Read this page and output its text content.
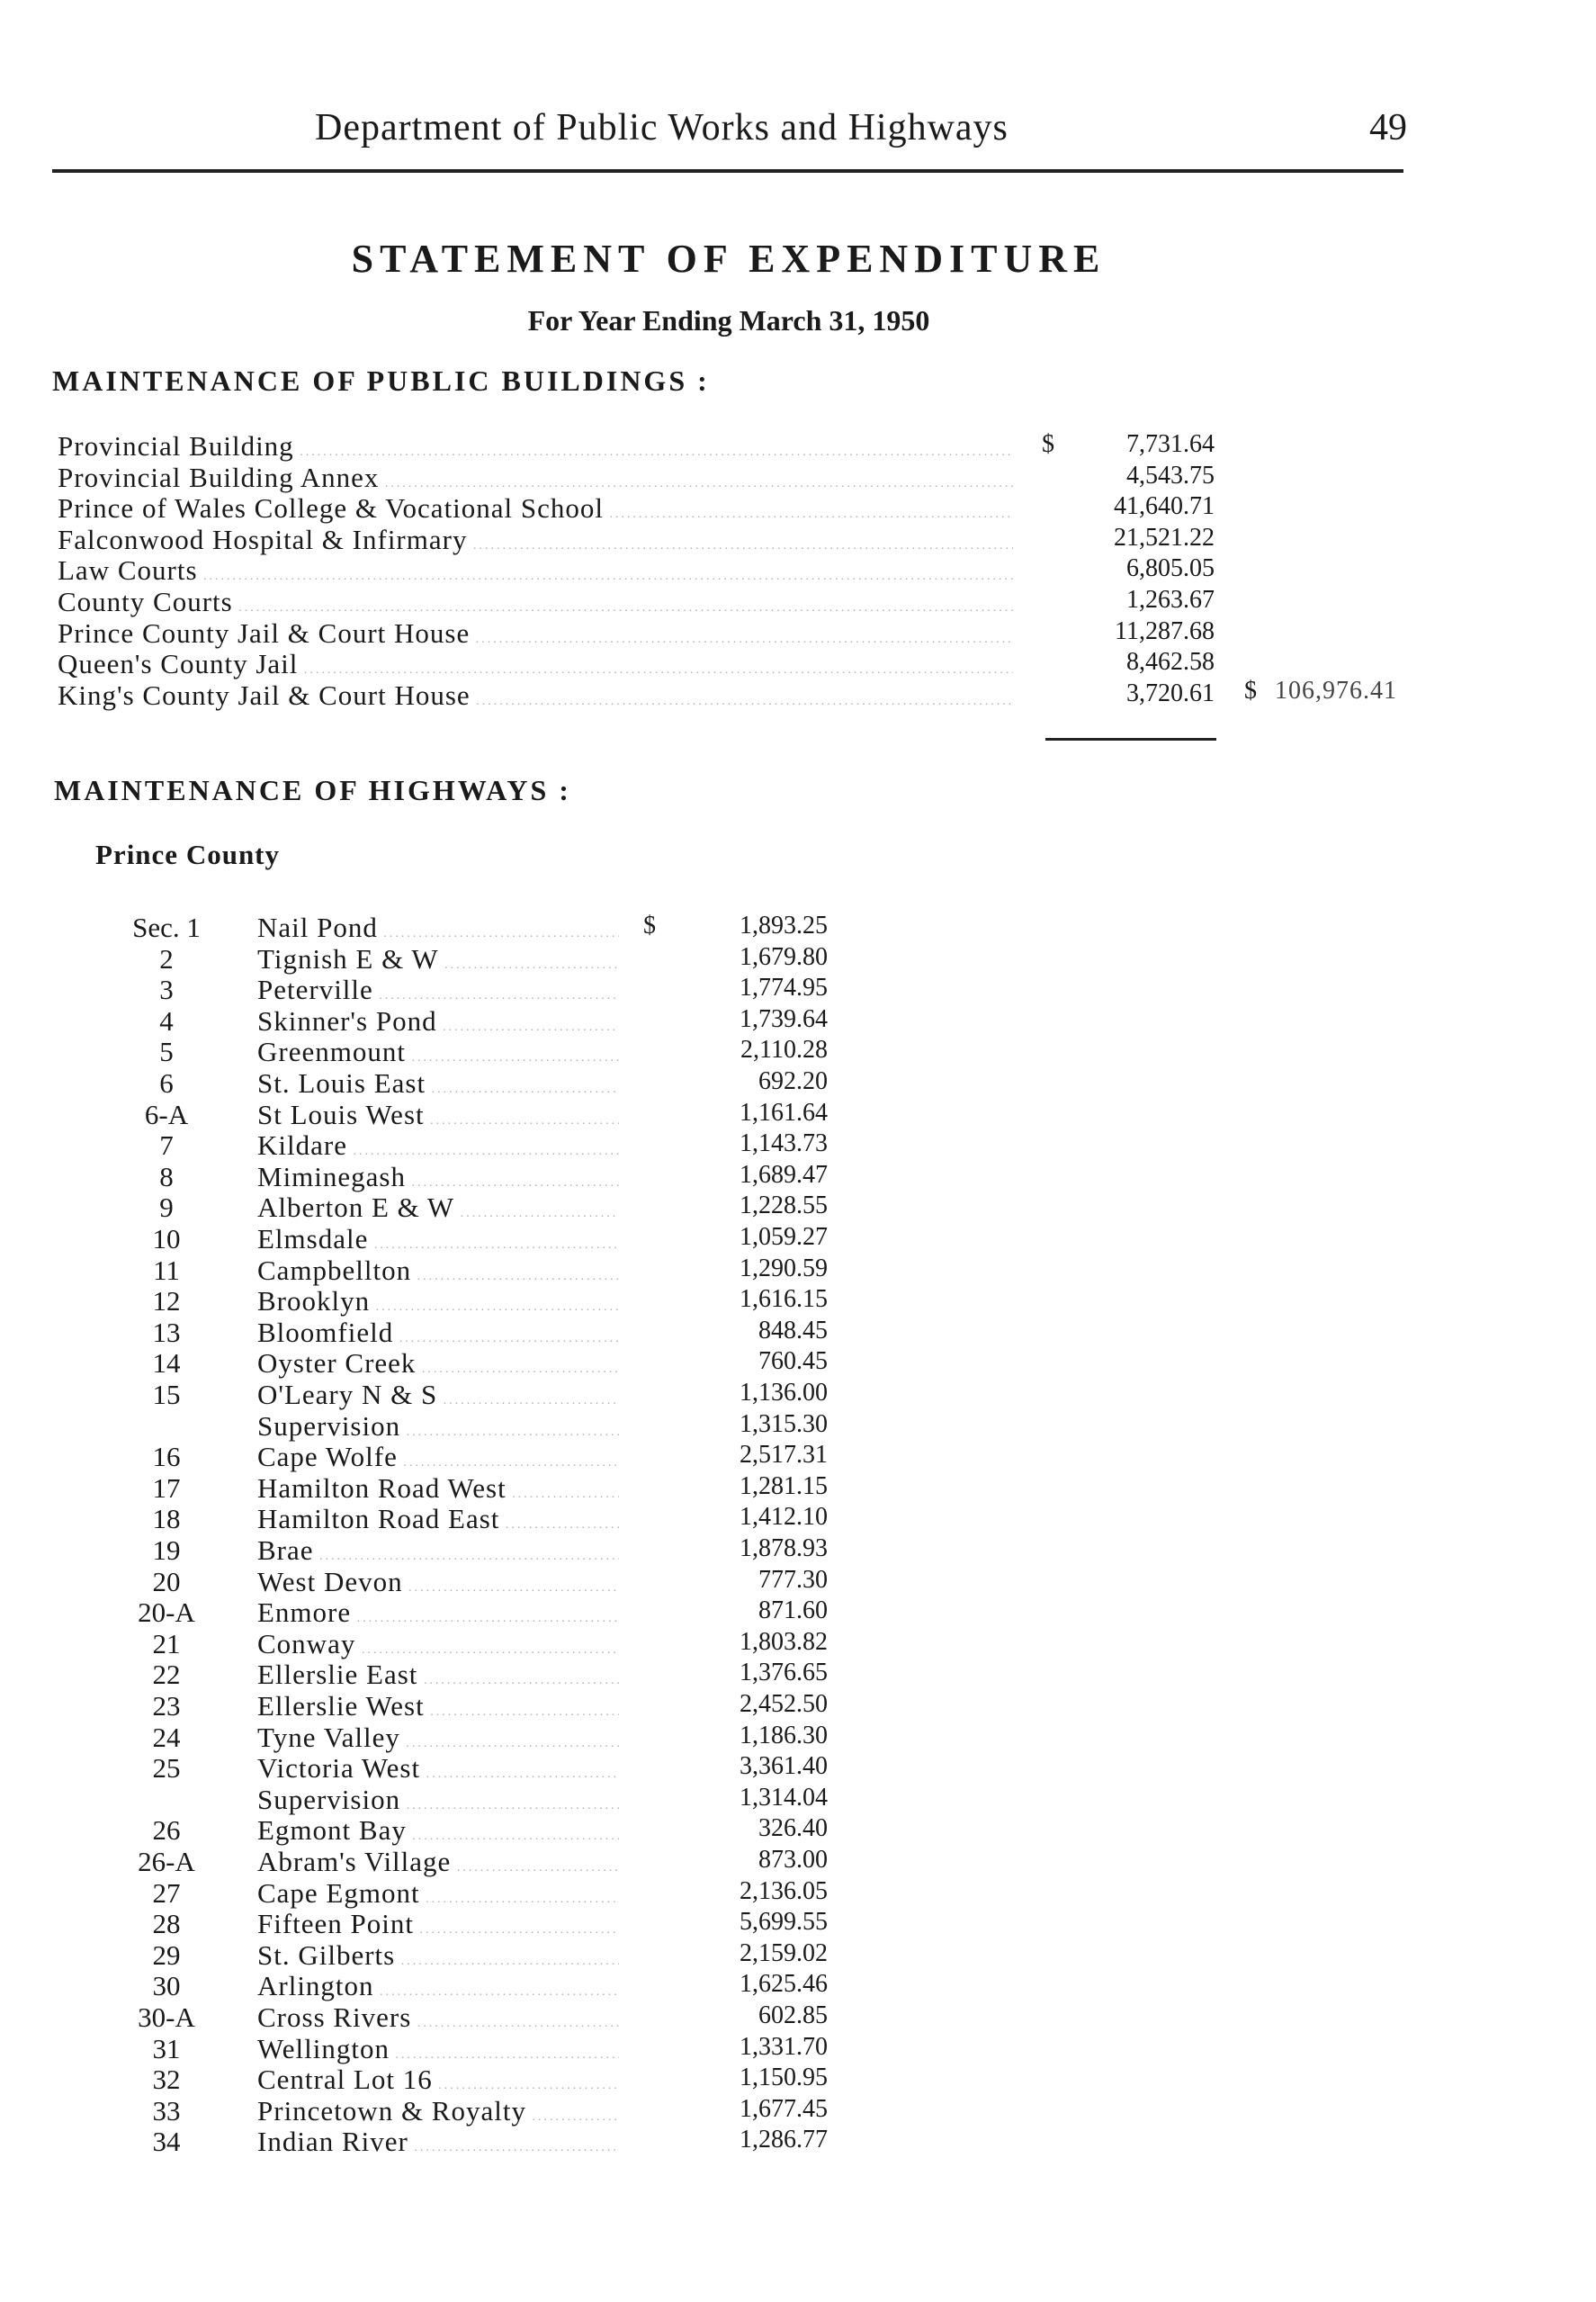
Department of Public Works and Highways	49
STATEMENT OF EXPENDITURE
For Year Ending March 31, 1950
MAINTENANCE OF PUBLIC BUILDINGS :
$
Provincial Building .....	7,731.64
Provincial Building Annex .....	4,543.75
Prince of Wales College & Vocational School .....	41,640.71
Falconwood Hospital & Infirmary .....	21,521.22
Law Courts .....	6,805.05
County Courts .....	1,263.67
Prince County Jail & Court House .....	11,287.68
Queen's County Jail .....	8,462.58
King's County Jail & Court House .....	3,720.61 $ 106,976.41
MAINTENANCE OF HIGHWAYS :
Prince County
$
Sec. 1	Nail Pond .....	1,893.25
2	Tignish E & W .....	1,679.80
3	Peterville .....	1,774.95
4	Skinner's Pond .....	1,739.64
5	Greenmount .....	2,110.28
6	St. Louis East .....	692.20
6-A	St Louis West .....	1,161.64
7	Kildare .....	1,143.73
8	Miminegash .....	1,689.47
9	Alberton E & W .....	1,228.55
10	Elmsdale .....	1,059.27
11	Campbellton .....	1,290.59
12	Brooklyn .....	1,616.15
13	Bloomfield .....	848.45
14	Oyster Creek .....	760.45
15	O'Leary N & S .....	1,136.00
Supervision .....	1,315.30
16	Cape Wolfe .....	2,517.31
17	Hamilton Road West .....	1,281.15
18	Hamilton Road East .....	1,412.10
19	Brae .....	1,878.93
20	West Devon .....	777.30
20-A	Enmore .....	871.60
21	Conway .....	1,803.82
22	Ellerslie East .....	1,376.65
23	Ellerslie West .....	2,452.50
24	Tyne Valley .....	1,186.30
25	Victoria West .....	3,361.40
Supervision .....	1,314.04
26	Egmont Bay .....	326.40
26-A	Abram's Village .....	873.00
27	Cape Egmont .....	2,136.05
28	Fifteen Point .....	5,699.55
29	St. Gilberts .....	2,159.02
30	Arlington .....	1,625.46
30-A	Cross Rivers .....	602.85
31	Wellington .....	1,331.70
32	Central Lot 16 .....	1,150.95
33	Princetown & Royalty .....	1,677.45
34	Indian River .....	1,286.77
